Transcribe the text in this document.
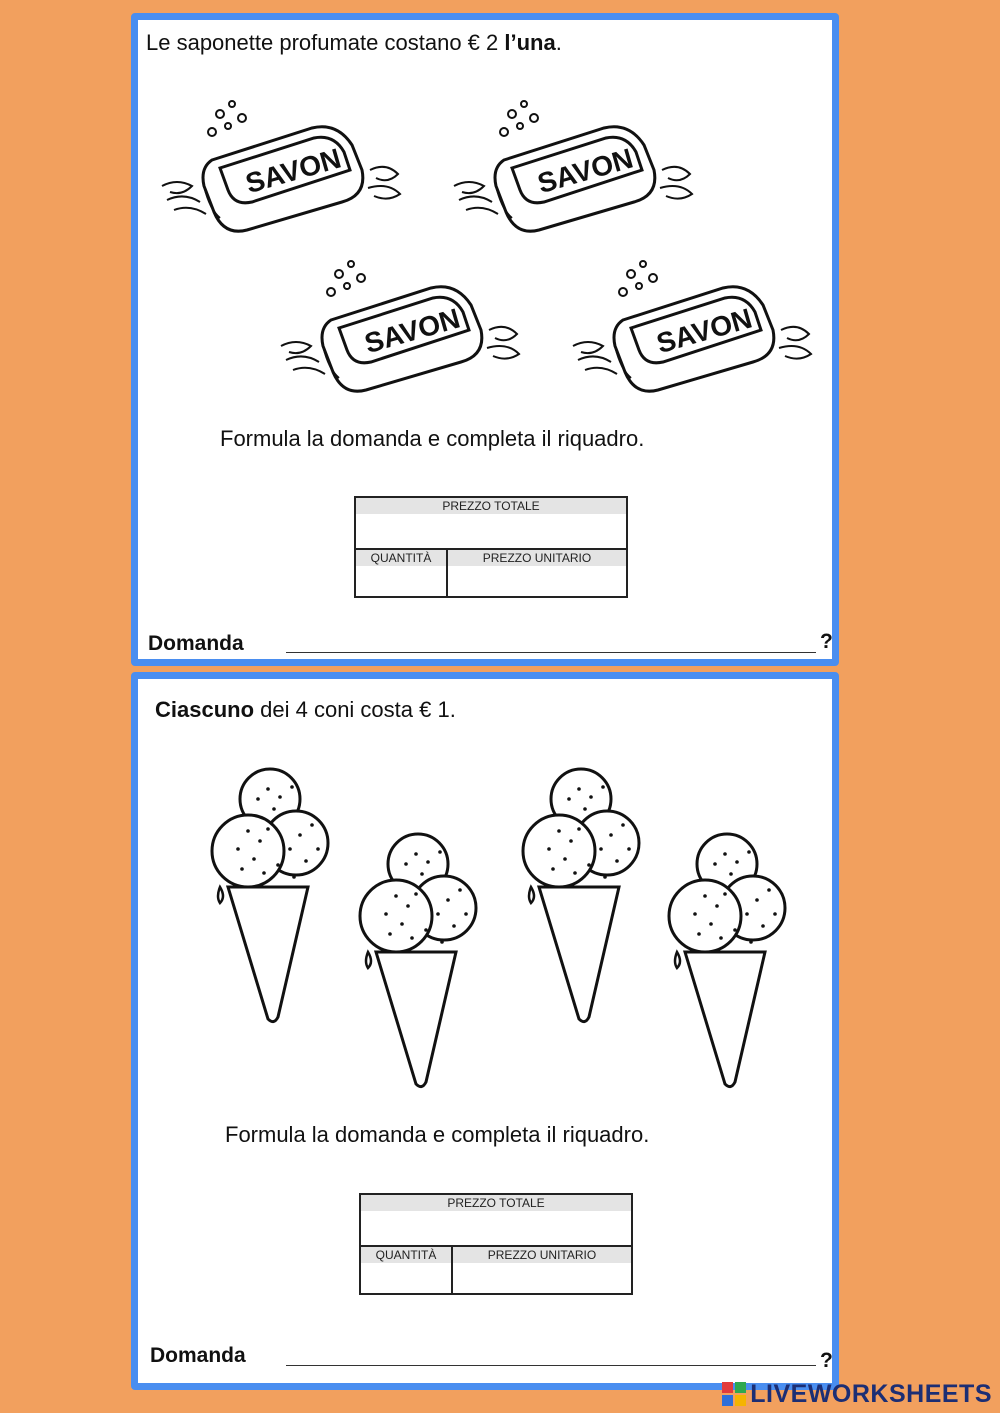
Le saponette profumate costano € 2 l’una.
SAVON	SAVON
SAVON	SAVON
Formula la domanda e completa il riquadro.
PREZZO TOTALE
QUANTITÀ	PREZZO UNITARIO
Domanda	?
Ciascuno dei 4 coni costa € 1.
Formula la domanda e completa il riquadro.
PREZZO TOTALE
QUANTITÀ	PREZZO UNITARIO
Domanda	?
LIVEWORKSHEETS
